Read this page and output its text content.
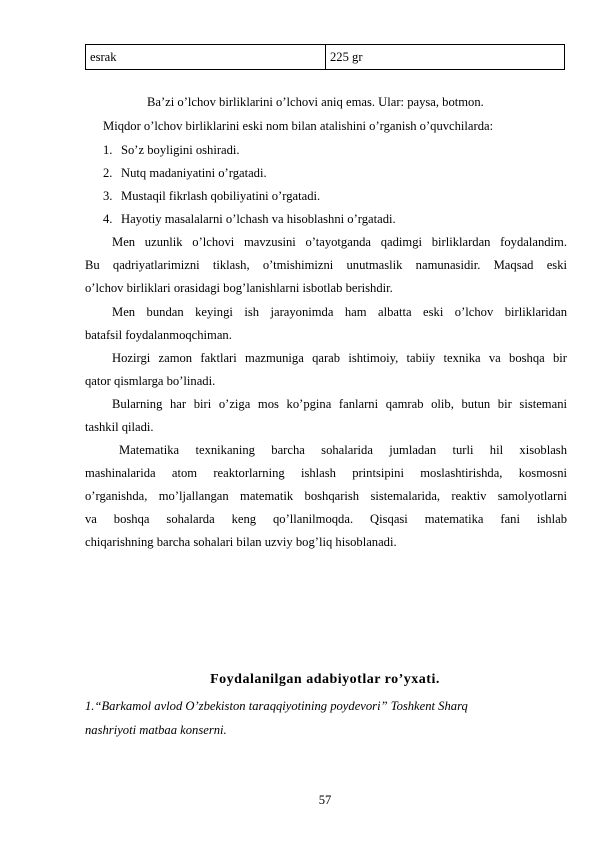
esrak	225 gr
Ba’zi o’lchov birliklarini o’lchovi aniq emas. Ular: paysa, botmon.
Miqdor o’lchov birliklarini eski nom bilan atalishini o’rganish o’quvchilarda:
1. So’z boyligini oshiradi.
2. Nutq madaniyatini o’rgatadi.
3. Mustaqil fikrlash qobiliyatini o’rgatadi.
4. Hayotiy masalalarni o’lchash va hisoblashni o’rgatadi.
Men uzunlik o’lchovi mavzusini o’tayotganda qadimgi birliklardan foydalandim.
Bu qadriyatlarimizni tiklash, o’tmishimizni unutmaslik namunasidir. Maqsad eski
o’lchov birliklari orasidagi bog’lanishlarni isbotlab berishdir.
Men bundan keyingi ish jarayonimda ham albatta eski o’lchov birliklaridan
batafsil foydalanmoqchiman.
Hozirgi zamon faktlari mazmuniga qarab ishtimoiy, tabiiy texnika va boshqa bir
qator qismlarga bo’linadi.
Bularning har biri o’ziga mos ko’pgina fanlarni qamrab olib, butun bir sistemani
tashkil qiladi.
Matematika texnikaning barcha sohalarida jumladan turli hil xisoblash
mashinalarida atom reaktorlarning ishlash printsipini moslashtirishda, kosmosni
o’rganishda, mo’ljallangan matematik boshqarish sistemalarida, reaktiv samolyotlarni
va boshqa sohalarda keng qo’llanilmoqda. Qisqasi matematika fani ishlab
chiqarishning barcha sohalari bilan uzviy bog’liq hisoblanadi.
Foydalanilgan adabiyotlar ro’yxati.
1.“Barkamol avlod O’zbekiston taraqqiyotining poydevori” Toshkent Sharq
nashriyoti matbaa konserni.
57
